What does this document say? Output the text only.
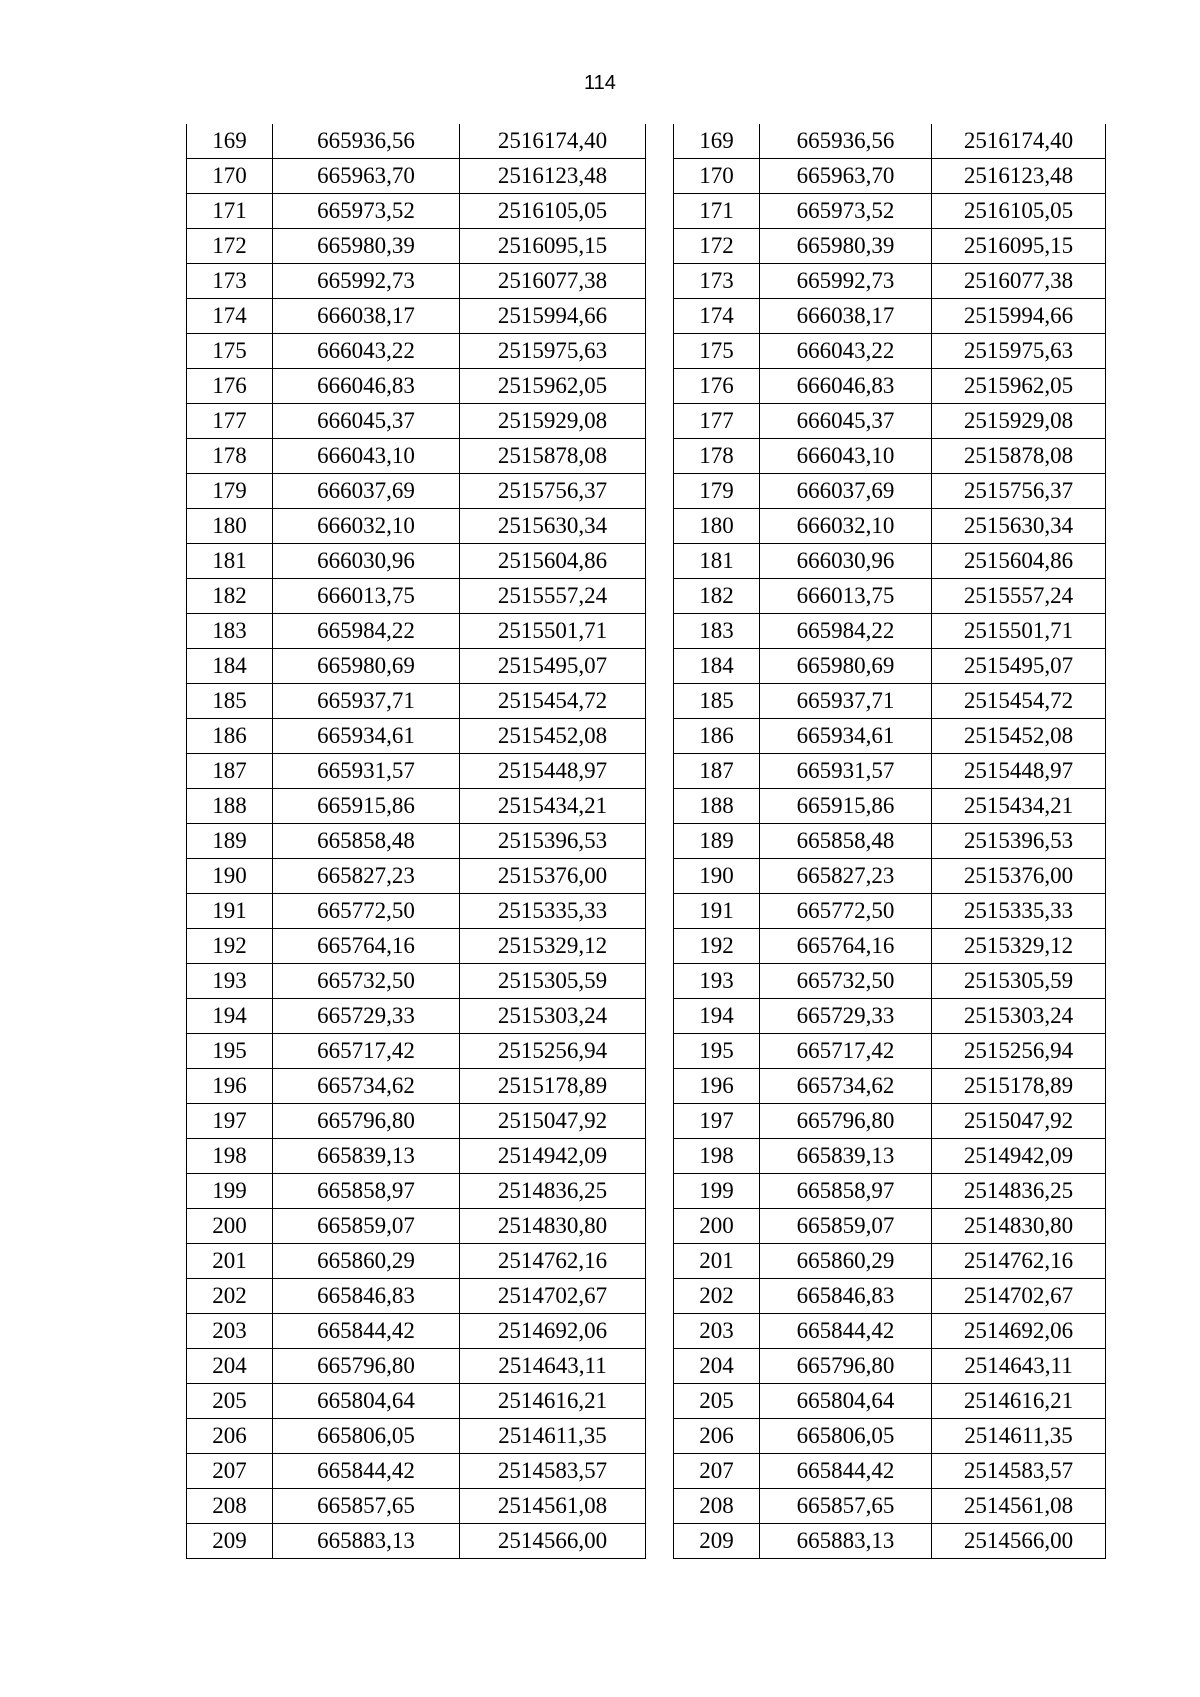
114
169	665936,56	2516174,40
170	665963,70	2516123,48
171	665973,52	2516105,05
172	665980,39	2516095,15
173	665992,73	2516077,38
174	666038,17	2515994,66
175	666043,22	2515975,63
176	666046,83	2515962,05
177	666045,37	2515929,08
178	666043,10	2515878,08
179	666037,69	2515756,37
180	666032,10	2515630,34
181	666030,96	2515604,86
182	666013,75	2515557,24
183	665984,22	2515501,71
184	665980,69	2515495,07
185	665937,71	2515454,72
186	665934,61	2515452,08
187	665931,57	2515448,97
188	665915,86	2515434,21
189	665858,48	2515396,53
190	665827,23	2515376,00
191	665772,50	2515335,33
192	665764,16	2515329,12
193	665732,50	2515305,59
194	665729,33	2515303,24
195	665717,42	2515256,94
196	665734,62	2515178,89
197	665796,80	2515047,92
198	665839,13	2514942,09
199	665858,97	2514836,25
200	665859,07	2514830,80
201	665860,29	2514762,16
202	665846,83	2514702,67
203	665844,42	2514692,06
204	665796,80	2514643,11
205	665804,64	2514616,21
206	665806,05	2514611,35
207	665844,42	2514583,57
208	665857,65	2514561,08
209	665883,13	2514566,00
169	665936,56	2516174,40
170	665963,70	2516123,48
171	665973,52	2516105,05
172	665980,39	2516095,15
173	665992,73	2516077,38
174	666038,17	2515994,66
175	666043,22	2515975,63
176	666046,83	2515962,05
177	666045,37	2515929,08
178	666043,10	2515878,08
179	666037,69	2515756,37
180	666032,10	2515630,34
181	666030,96	2515604,86
182	666013,75	2515557,24
183	665984,22	2515501,71
184	665980,69	2515495,07
185	665937,71	2515454,72
186	665934,61	2515452,08
187	665931,57	2515448,97
188	665915,86	2515434,21
189	665858,48	2515396,53
190	665827,23	2515376,00
191	665772,50	2515335,33
192	665764,16	2515329,12
193	665732,50	2515305,59
194	665729,33	2515303,24
195	665717,42	2515256,94
196	665734,62	2515178,89
197	665796,80	2515047,92
198	665839,13	2514942,09
199	665858,97	2514836,25
200	665859,07	2514830,80
201	665860,29	2514762,16
202	665846,83	2514702,67
203	665844,42	2514692,06
204	665796,80	2514643,11
205	665804,64	2514616,21
206	665806,05	2514611,35
207	665844,42	2514583,57
208	665857,65	2514561,08
209	665883,13	2514566,00
